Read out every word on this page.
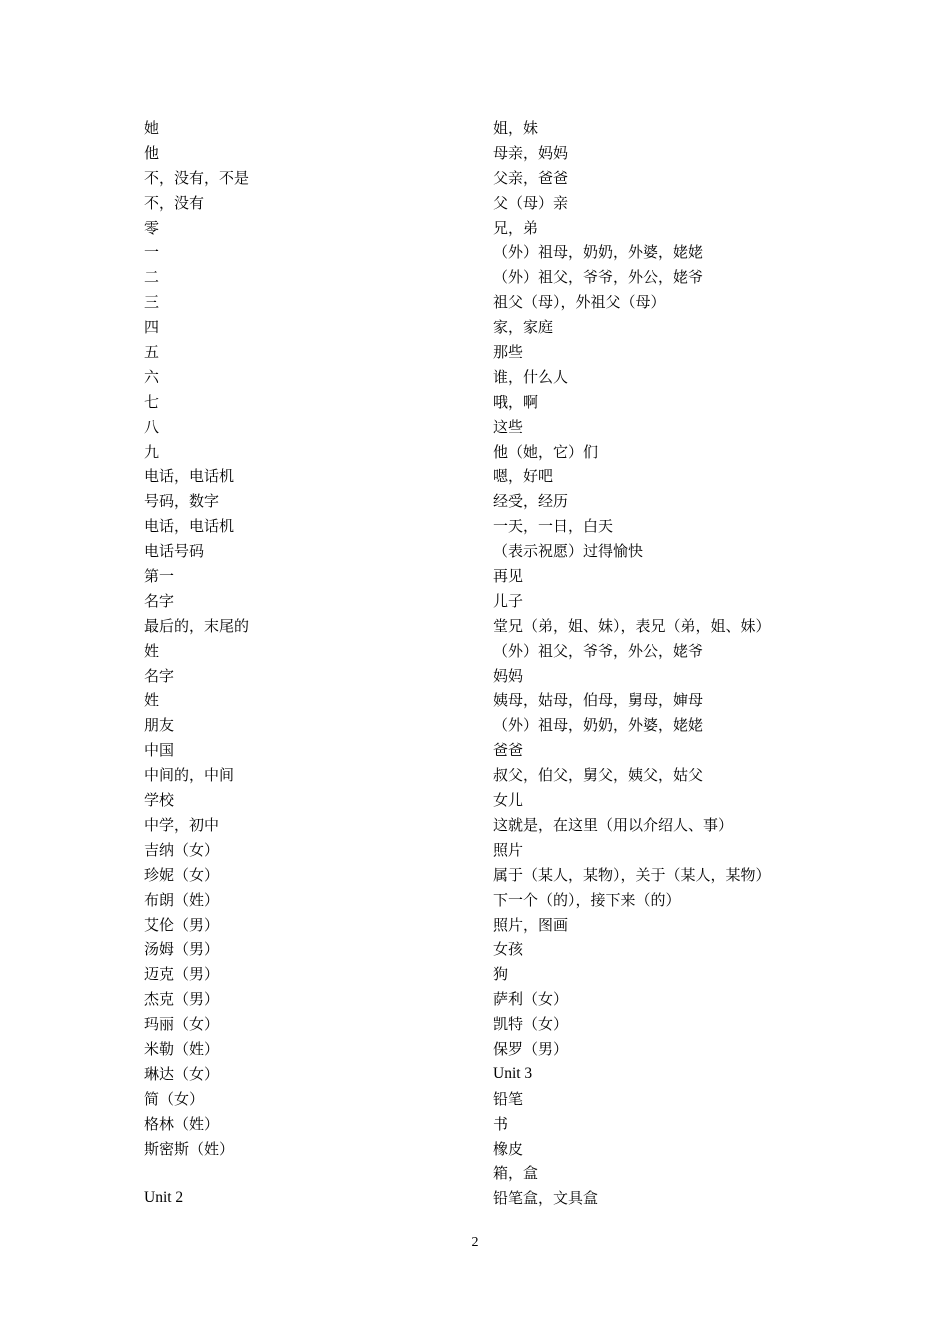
她
他
不，没有，不是
不，没有
零
一
二
三
四
五
六
七
八
九
电话，电话机
号码，数字
电话，电话机
电话号码
第一
名字
最后的，末尾的
姓
名字
姓
朋友
中国
中间的，中间
学校
中学，初中
吉纳（女）
珍妮（女）
布朗（姓）
艾伦（男）
汤姆（男）
迈克（男）
杰克（男）
玛丽（女）
米勒（姓）
琳达（女）
简（女）
格林（姓）
斯密斯（姓）
Unit 2
姐，妹
母亲，妈妈
父亲，爸爸
父（母）亲
兄，弟
（外）祖母，奶奶，外婆，姥姥
（外）祖父，爷爷，外公，姥爷
祖父（母），外祖父（母）
家，家庭
那些
谁，什么人
哦，啊
这些
他（她，它）们
嗯，好吧
经受，经历
一天，一日，白天
（表示祝愿）过得愉快
再见
儿子
堂兄（弟，姐、妹），表兄（弟，姐、妹）
（外）祖父，爷爷，外公，姥爷
妈妈
姨母，姑母，伯母，舅母，婶母
（外）祖母，奶奶，外婆，姥姥
爸爸
叔父，伯父，舅父，姨父，姑父
女儿
这就是，在这里（用以介绍人、事）
照片
属于（某人，某物），关于（某人，某物）
下一个（的），接下来（的）
照片，图画
女孩
狗
萨利（女）
凯特（女）
保罗（男）
Unit 3
铅笔
书
橡皮
箱，盒
铅笔盒，文具盒
2
